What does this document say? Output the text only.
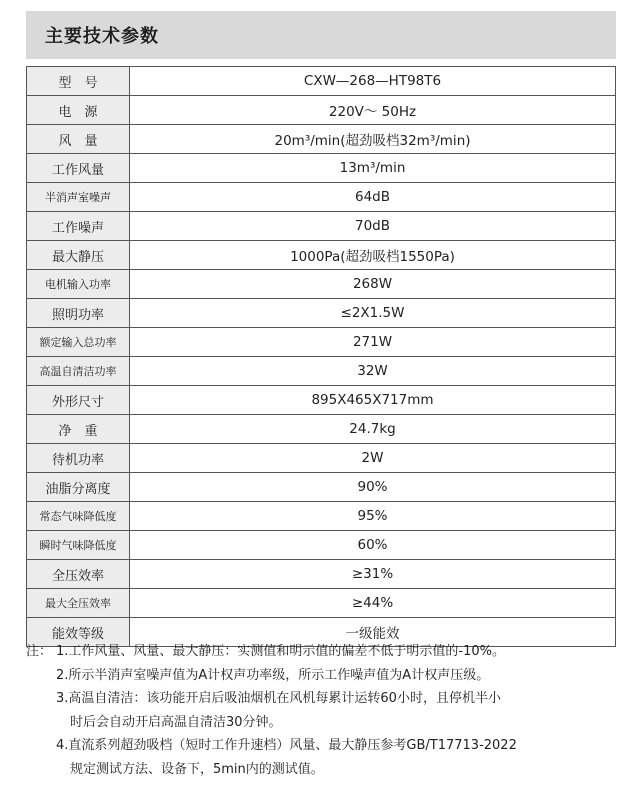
主要技术参数
型　号	CXW—268—HT98T6
电　源	220V～ 50Hz
风　量	20m³/min(超劲吸档32m³/min)
工作风量	13m³/min
半消声室噪声	64dB
工作噪声	70dB
最大静压	1000Pa(超劲吸档1550Pa)
电机输入功率	268W
照明功率	≤2X1.5W
额定输入总功率	271W
高温自清洁功率	32W
外形尺寸	895X465X717mm
净　重	24.7kg
待机功率	2W
油脂分离度	90%
常态气味降低度	95%
瞬时气味降低度	60%
全压效率	≥31%
最大全压效率	≥44%
能效等级	一级能效
注： 1.工作风量、风量、最大静压：实测值和明示值的偏差不低于明示值的-10%。
2.所示半消声室噪声值为A计权声功率级，所示工作噪声值为A计权声压级。
3.高温自清洁：该功能开启后吸油烟机在风机每累计运转60小时，且停机半小
时后会自动开启高温自清洁30分钟。
4.直流系列超劲吸档（短时工作升速档）风量、最大静压参考GB/T17713-2022
规定测试方法、设备下，5min内的测试值。
